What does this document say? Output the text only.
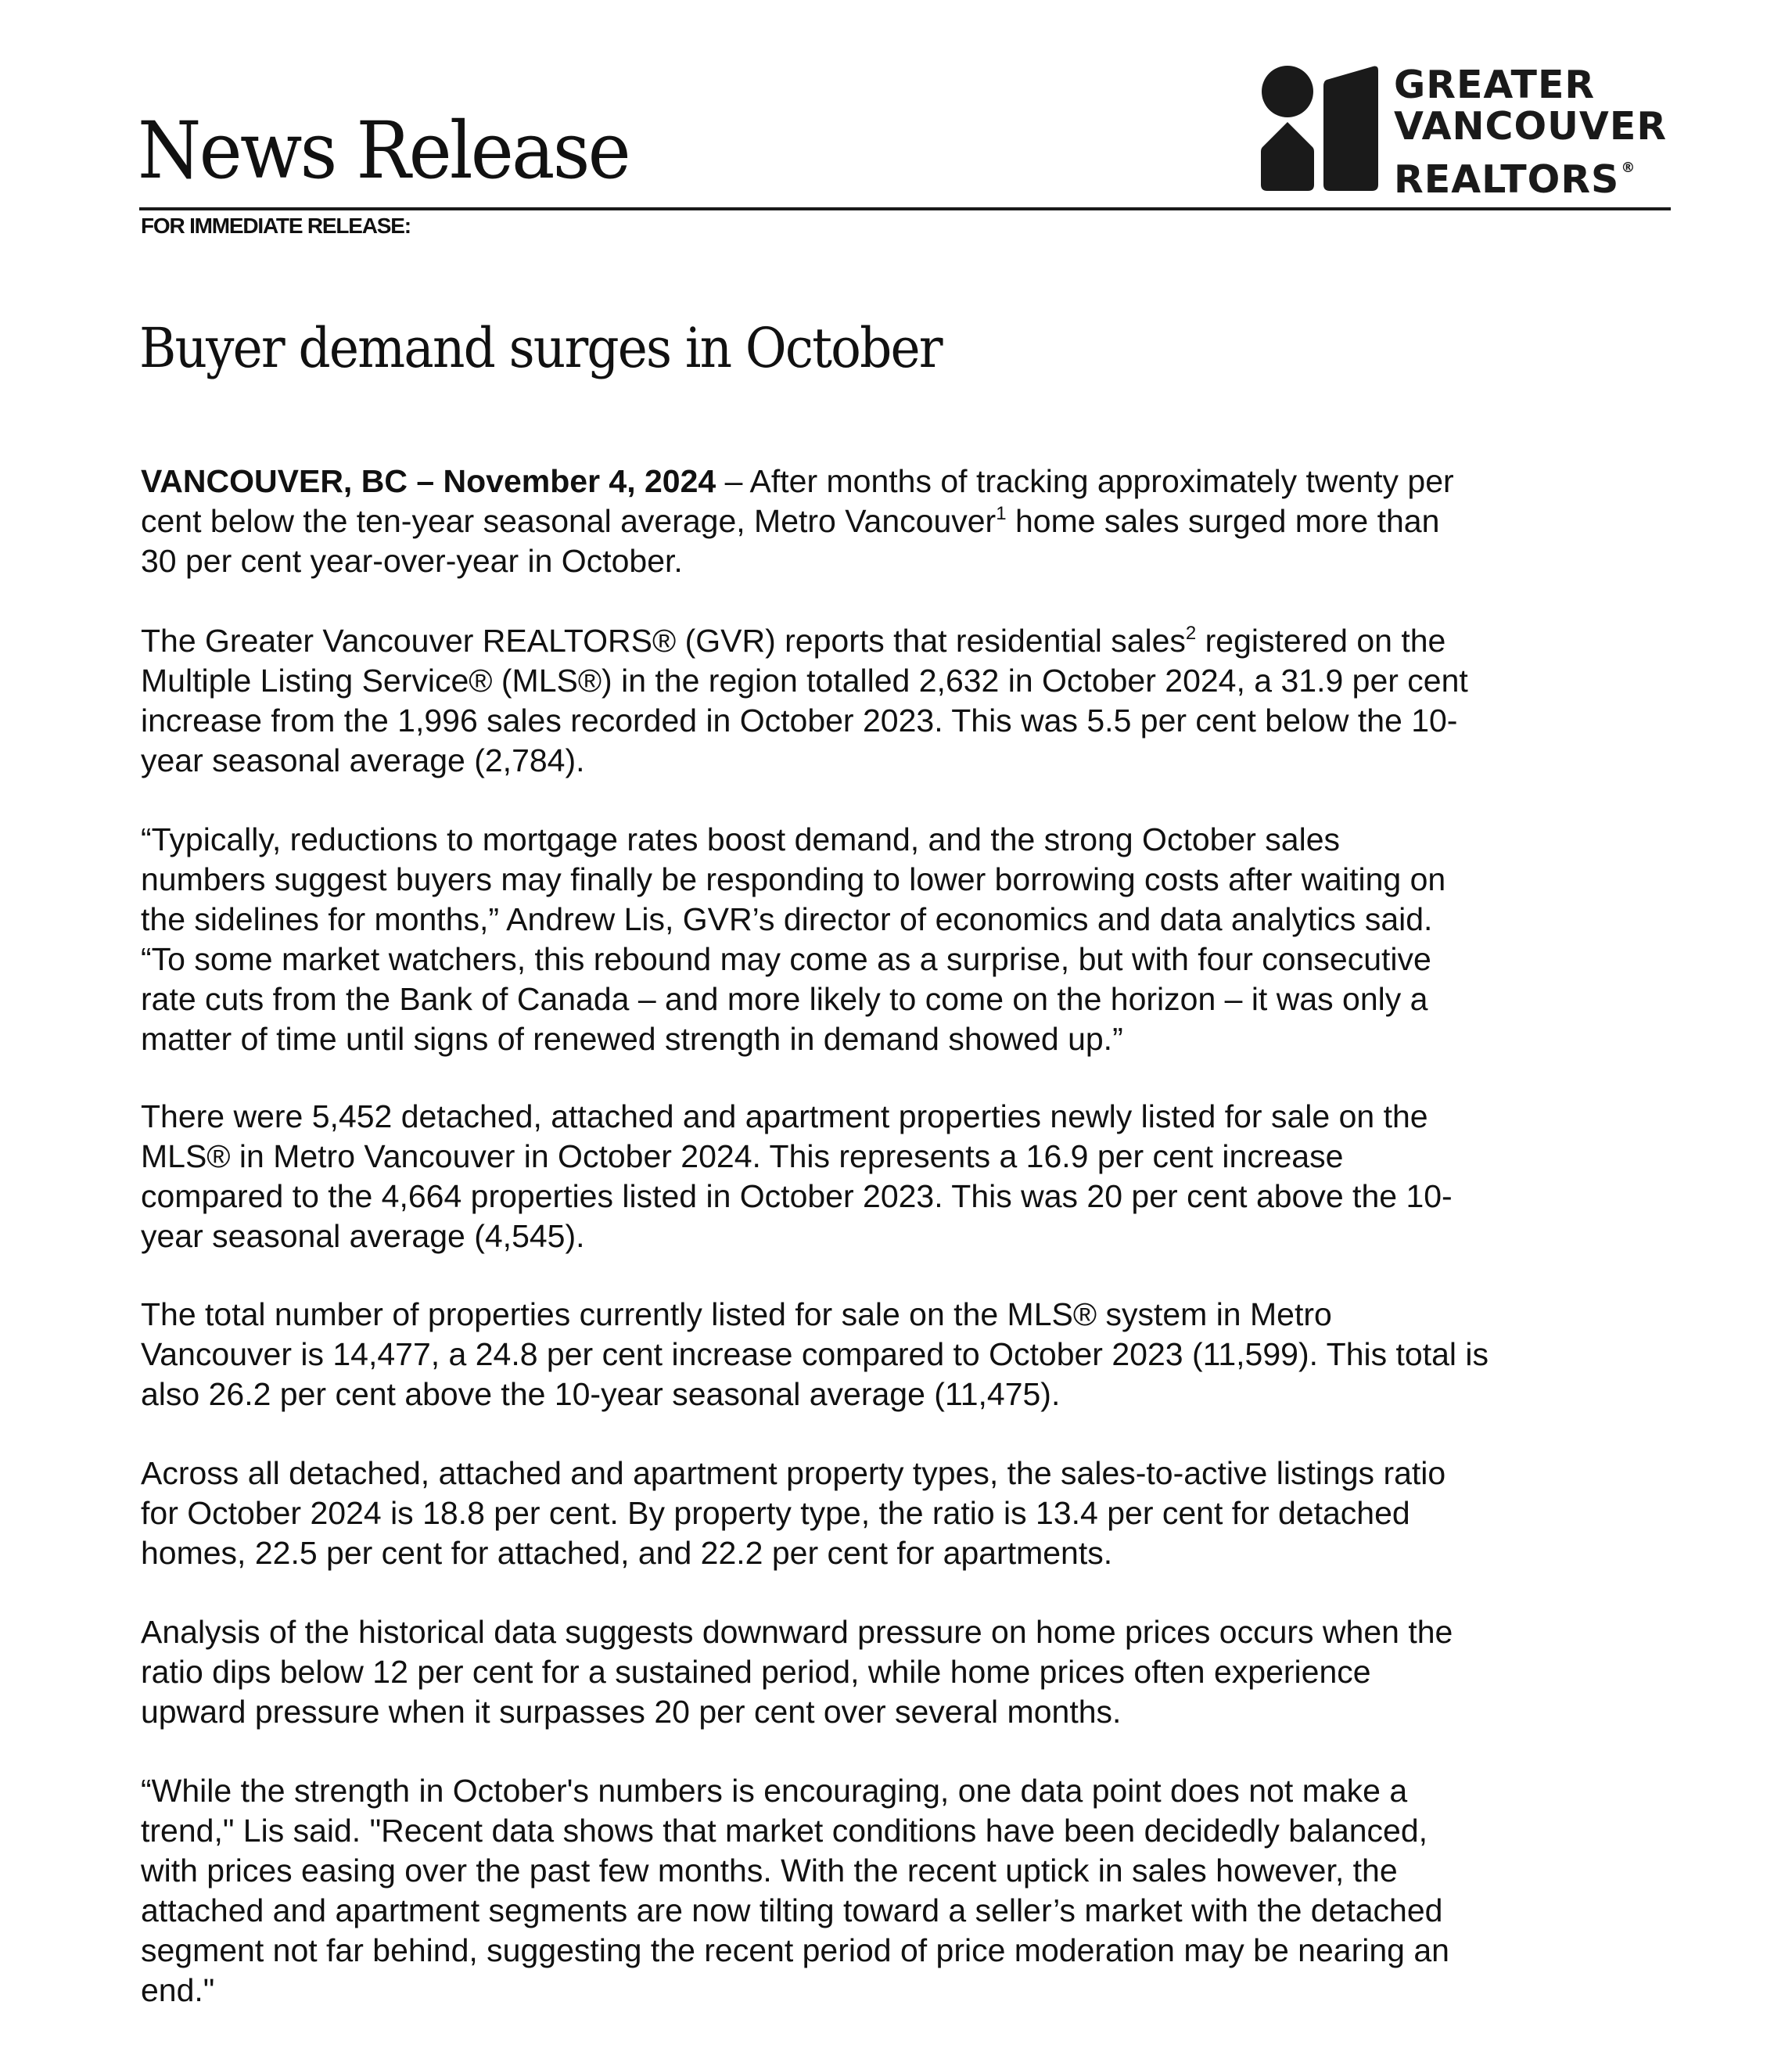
News Release
GREATER
VANCOUVER
REALTORS ®
FOR IMMEDIATE RELEASE:
Buyer demand surges in October
VANCOUVER, BC – November 4, 2024 – After months of tracking approximately twenty per
cent below the ten-year seasonal average, Metro Vancouver$^1$ home sales surged more than
30 per cent year-over-year in October.
The Greater Vancouver REALTORS® (GVR) reports that residential sales$^2$ registered on the
Multiple Listing Service® (MLS®) in the region totalled 2,632 in October 2024, a 31.9 per cent
increase from the 1,996 sales recorded in October 2023. This was 5.5 per cent below the 10-
year seasonal average (2,784).
“Typically, reductions to mortgage rates boost demand, and the strong October sales
numbers suggest buyers may finally be responding to lower borrowing costs after waiting on
the sidelines for months,” Andrew Lis, GVR’s director of economics and data analytics said.
“To some market watchers, this rebound may come as a surprise, but with four consecutive
rate cuts from the Bank of Canada – and more likely to come on the horizon – it was only a
matter of time until signs of renewed strength in demand showed up.”
There were 5,452 detached, attached and apartment properties newly listed for sale on the
MLS® in Metro Vancouver in October 2024. This represents a 16.9 per cent increase
compared to the 4,664 properties listed in October 2023. This was 20 per cent above the 10-
year seasonal average (4,545).
The total number of properties currently listed for sale on the MLS® system in Metro
Vancouver is 14,477, a 24.8 per cent increase compared to October 2023 (11,599). This total is
also 26.2 per cent above the 10-year seasonal average (11,475).
Across all detached, attached and apartment property types, the sales-to-active listings ratio
for October 2024 is 18.8 per cent. By property type, the ratio is 13.4 per cent for detached
homes, 22.5 per cent for attached, and 22.2 per cent for apartments.
Analysis of the historical data suggests downward pressure on home prices occurs when the
ratio dips below 12 per cent for a sustained period, while home prices often experience
upward pressure when it surpasses 20 per cent over several months.
“While the strength in October's numbers is encouraging, one data point does not make a
trend," Lis said. "Recent data shows that market conditions have been decidedly balanced,
with prices easing over the past few months. With the recent uptick in sales however, the
attached and apartment segments are now tilting toward a seller’s market with the detached
segment not far behind, suggesting the recent period of price moderation may be nearing an
end."
